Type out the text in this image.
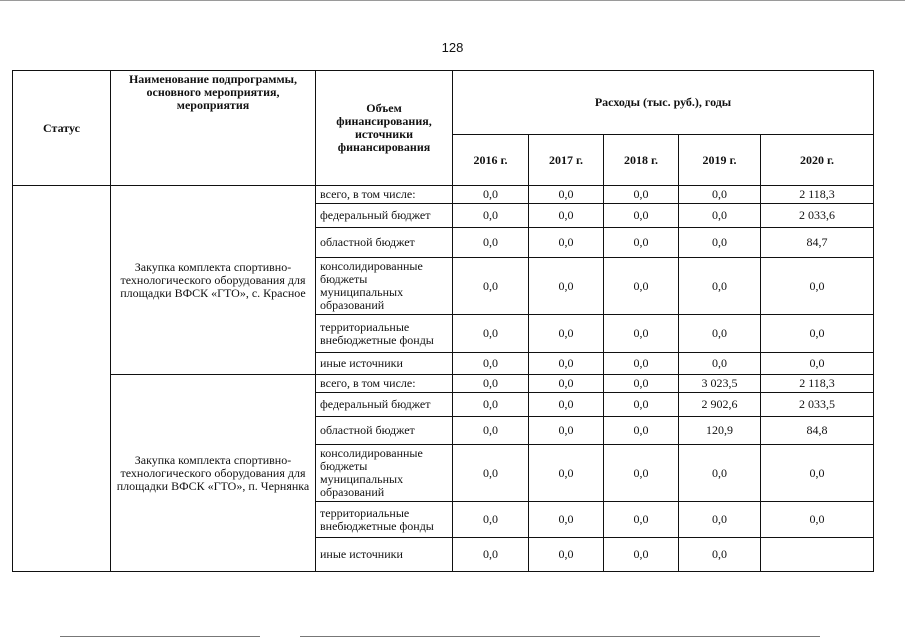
128
Статус	Наименование подпрограммы, основного мероприятия, мероприятия	Объем финансирования, источники финансирования	Расходы (тыс. руб.), годы				
			2016 г.	2017 г.	2018 г.	2019 г.	2020 г.
	Закупка комплекта спортивно-технологического оборудования для площадки ВФСК «ГТО», с. Красное	всего, в том числе:	0,0	0,0	0,0	0,0	2 118,3
		федеральный бюджет	0,0	0,0	0,0	0,0	2 033,6
		областной бюджет	0,0	0,0	0,0	0,0	84,7
		консолидированные бюджеты муниципальных образований	0,0	0,0	0,0	0,0	0,0
		территориальные внебюджетные фонды	0,0	0,0	0,0	0,0	0,0
		иные источники	0,0	0,0	0,0	0,0	0,0
	Закупка комплекта спортивно-технологического оборудования для площадки ВФСК «ГТО», п. Чернянка	всего, в том числе:	0,0	0,0	0,0	3 023,5	2 118,3
		федеральный бюджет	0,0	0,0	0,0	2 902,6	2 033,5
		областной бюджет	0,0	0,0	0,0	120,9	84,8
		консолидированные бюджеты муниципальных образований	0,0	0,0	0,0	0,0	0,0
		территориальные внебюджетные фонды	0,0	0,0	0,0	0,0	0,0
		иные источники	0,0	0,0	0,0	0,0	
